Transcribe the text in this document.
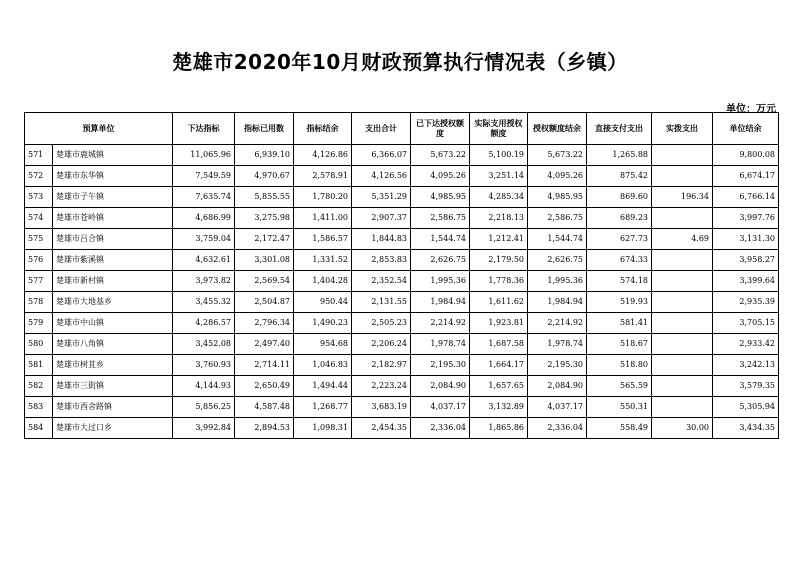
楚雄市2020年10月财政预算执行情况表（乡镇）
单位：万元
预算单位		下达指标	指标已用数	指标结余	支出合计	已下达授权额度	实际支用授权额度	授权额度结余	直接支付支出	实拨支出	单位结余
571	楚雄市鹿城镇	11,065.96	6,939.10	4,126.86	6,366.07	5,673.22	5,100.19	5,673.22	1,265.88		9,800.08
572	楚雄市东华镇	7,549.59	4,970.67	2,578.91	4,126.56	4,095.26	3,251.14	4,095.26	875.42		6,674.17
573	楚雄市子午镇	7,635.74	5,855.55	1,780.20	5,351.29	4,985.95	4,285.34	4,985.95	869.60	196.34	6,766.14
574	楚雄市苍岭镇	4,686.99	3,275.98	1,411.00	2,907.37	2,586.75	2,218.13	2,586.75	689.23		3,997.76
575	楚雄市吕合镇	3,759.04	2,172.47	1,586.57	1,844.83	1,544.74	1,212.41	1,544.74	627.73	4.69	3,131.30
576	楚雄市紫溪镇	4,632.61	3,301.08	1,331.52	2,853.83	2,626.75	2,179.50	2,626.75	674.33		3,958.27
577	楚雄市新村镇	3,973.82	2,569.54	1,404.28	2,352.54	1,995.36	1,778.36	1,995.36	574.18		3,399.64
578	楚雄市大地基乡	3,455.32	2,504.87	950.44	2,131.55	1,984.94	1,611.62	1,984.94	519.93		2,935.39
579	楚雄市中山镇	4,286.57	2,796.34	1,490.23	2,505.23	2,214.92	1,923.81	2,214.92	581.41		3,705.15
580	楚雄市八角镇	3,452.08	2,497.40	954.68	2,206.24	1,978.74	1,687.58	1,978.74	518.67		2,933.42
581	楚雄市树苴乡	3,760.93	2,714.11	1,046.83	2,182.97	2,195.30	1,664.17	2,195.30	518.80		3,242.13
582	楚雄市三街镇	4,144.93	2,650.49	1,494.44	2,223.24	2,084.90	1,657.65	2,084.90	565.59		3,579.35
583	楚雄市西舍路镇	5,856.25	4,587.48	1,268.77	3,683.19	4,037.17	3,132.89	4,037.17	550.31		5,305.94
584	楚雄市大过口乡	3,992.84	2,894.53	1,098.31	2,454.35	2,336.04	1,865.86	2,336.04	558.49	30.00	3,434.35
